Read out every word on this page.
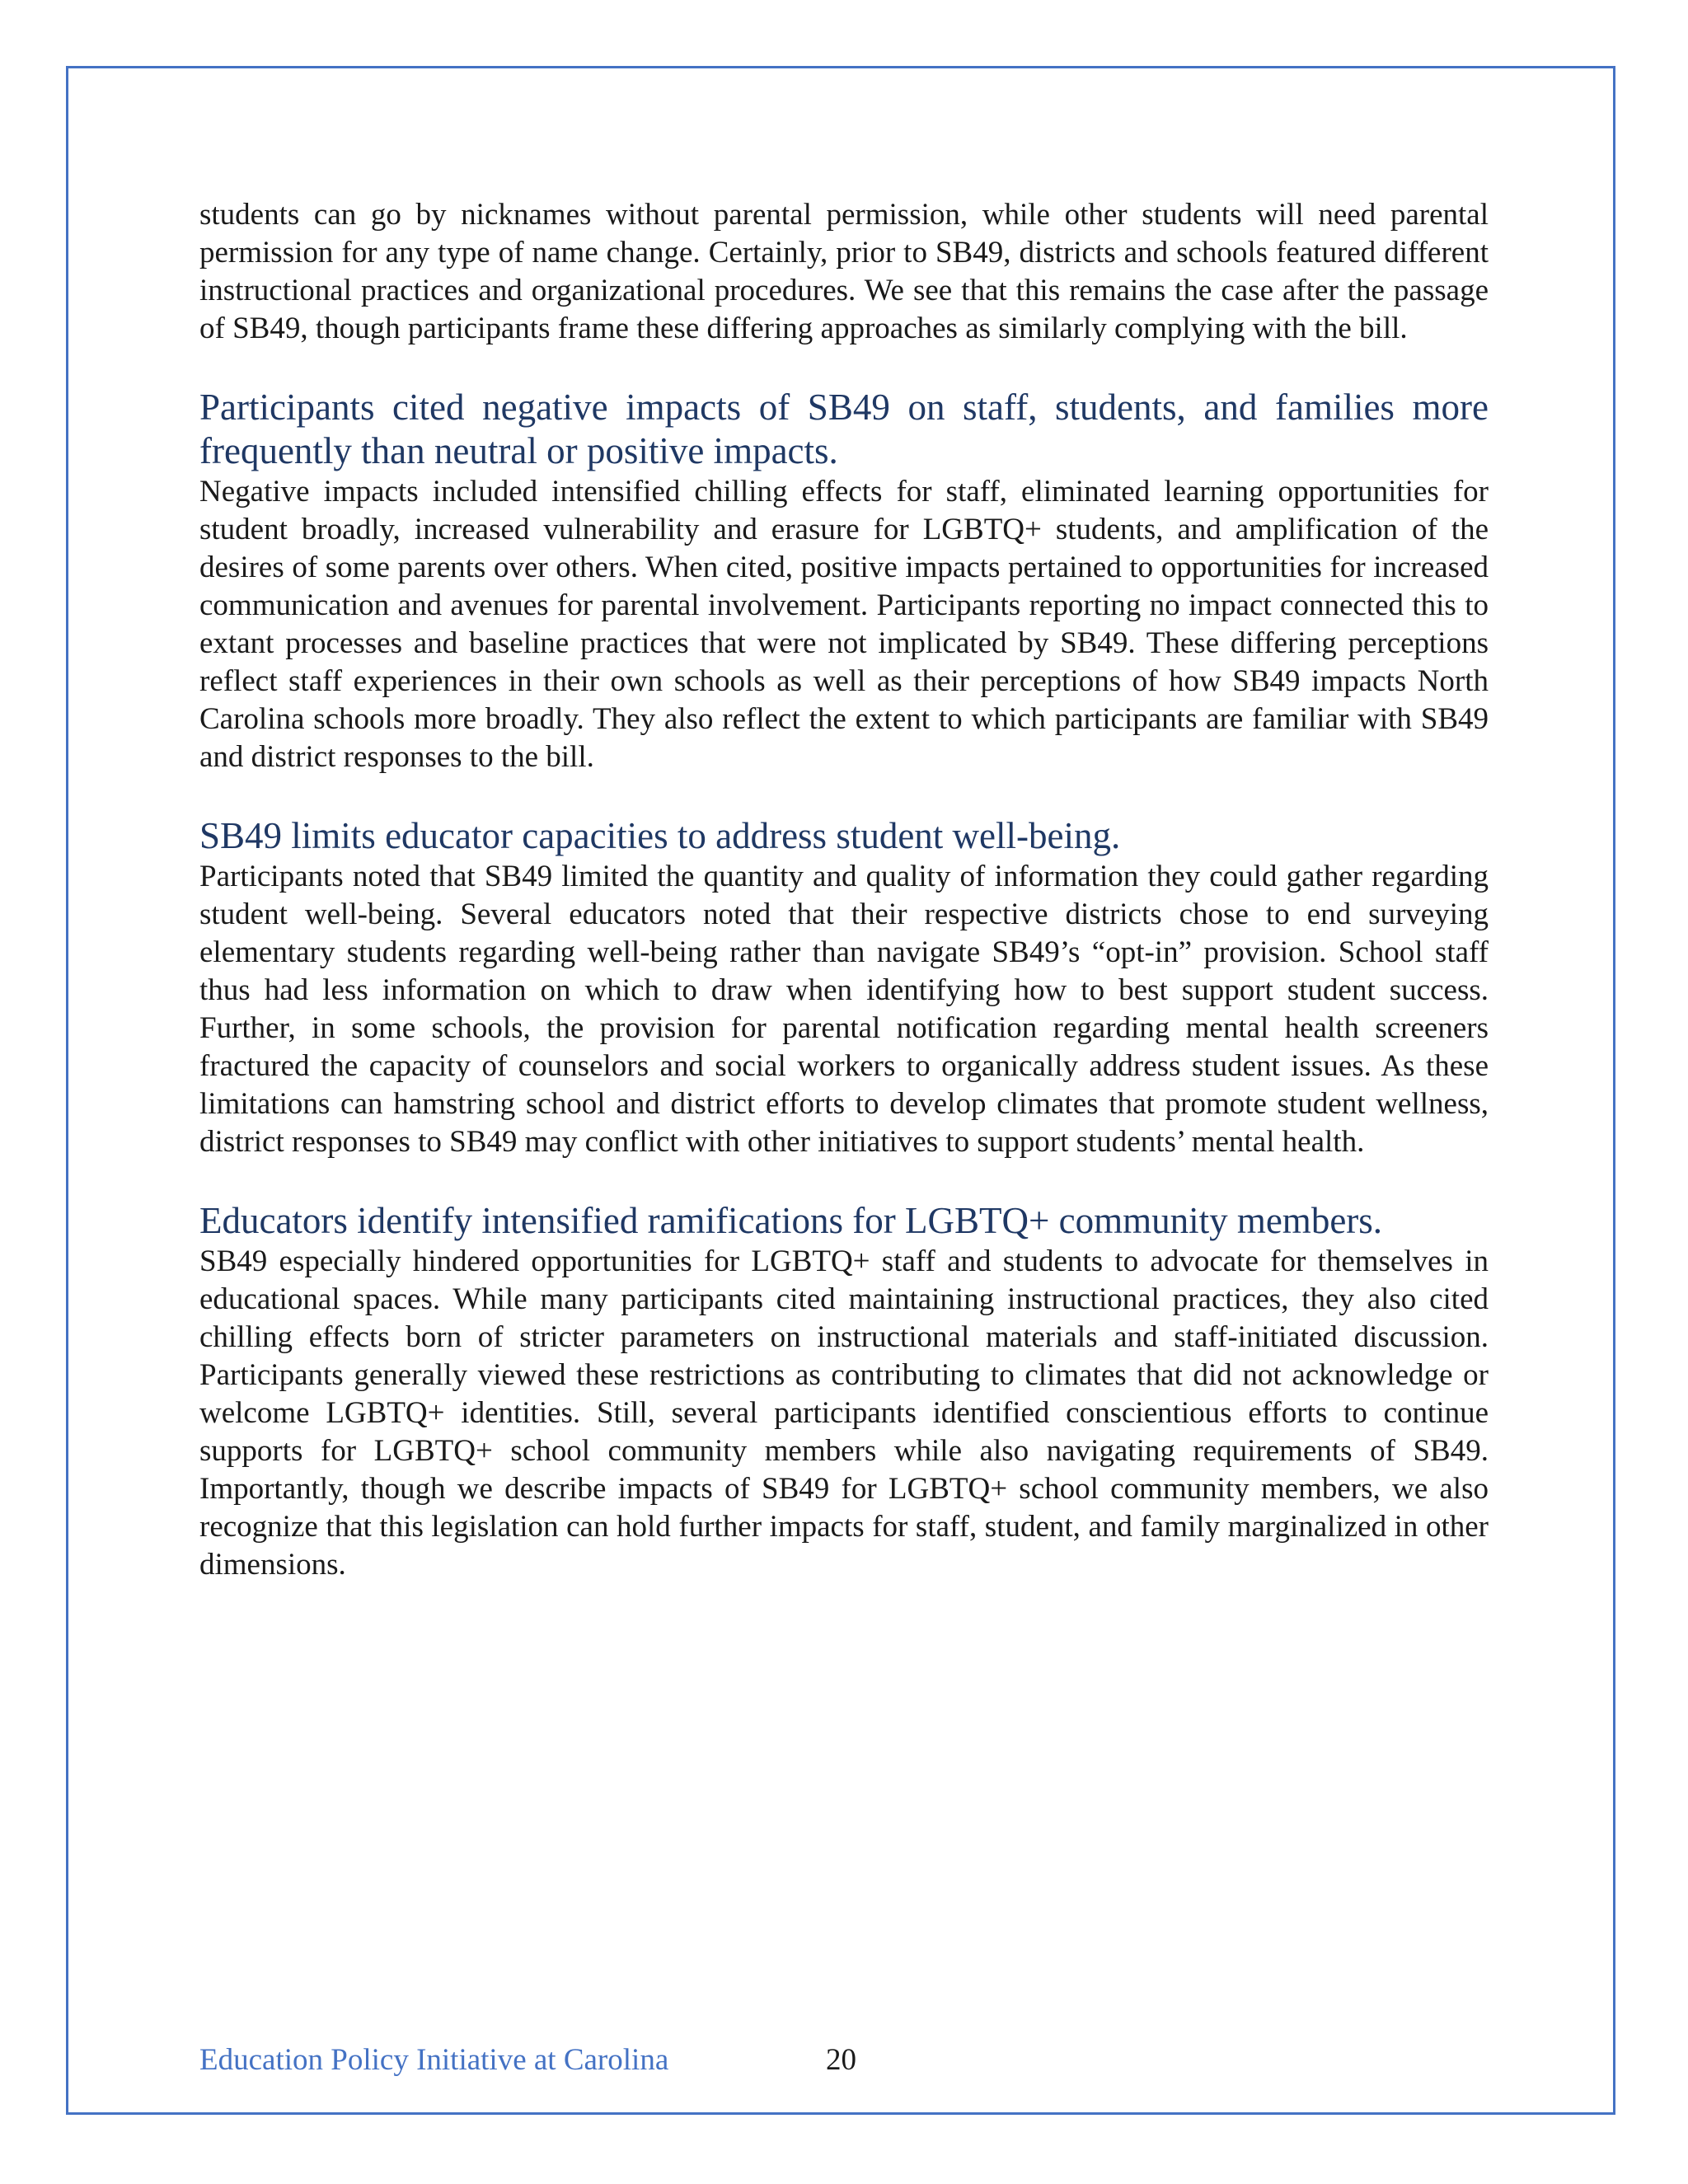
students can go by nicknames without parental permission, while other students will need parental permission for any type of name change. Certainly, prior to SB49, districts and schools featured different instructional practices and organizational procedures. We see that this remains the case after the passage of SB49, though participants frame these differing approaches as similarly complying with the bill.

Participants cited negative impacts of SB49 on staff, students, and families more frequently than neutral or positive impacts.

Negative impacts included intensified chilling effects for staff, eliminated learning opportunities for student broadly, increased vulnerability and erasure for LGBTQ+ students, and amplification of the desires of some parents over others. When cited, positive impacts pertained to opportunities for increased communication and avenues for parental involvement. Participants reporting no impact connected this to extant processes and baseline practices that were not implicated by SB49. These differing perceptions reflect staff experiences in their own schools as well as their perceptions of how SB49 impacts North Carolina schools more broadly. They also reflect the extent to which participants are familiar with SB49 and district responses to the bill.

SB49 limits educator capacities to address student well-being.

Participants noted that SB49 limited the quantity and quality of information they could gather regarding student well-being. Several educators noted that their respective districts chose to end surveying elementary students regarding well-being rather than navigate SB49’s “opt-in” provision. School staff thus had less information on which to draw when identifying how to best support student success. Further, in some schools, the provision for parental notification regarding mental health screeners fractured the capacity of counselors and social workers to organically address student issues. As these limitations can hamstring school and district efforts to develop climates that promote student wellness, district responses to SB49 may conflict with other initiatives to support students’ mental health.

Educators identify intensified ramifications for LGBTQ+ community members.

SB49 especially hindered opportunities for LGBTQ+ staff and students to advocate for themselves in educational spaces. While many participants cited maintaining instructional practices, they also cited chilling effects born of stricter parameters on instructional materials and staff-initiated discussion. Participants generally viewed these restrictions as contributing to climates that did not acknowledge or welcome LGBTQ+ identities. Still, several participants identified conscientious efforts to continue supports for LGBTQ+ school community members while also navigating requirements of SB49. Importantly, though we describe impacts of SB49 for LGBTQ+ school community members, we also recognize that this legislation can hold further impacts for staff, student, and family marginalized in other dimensions.

Education Policy Initiative at Carolina	20
